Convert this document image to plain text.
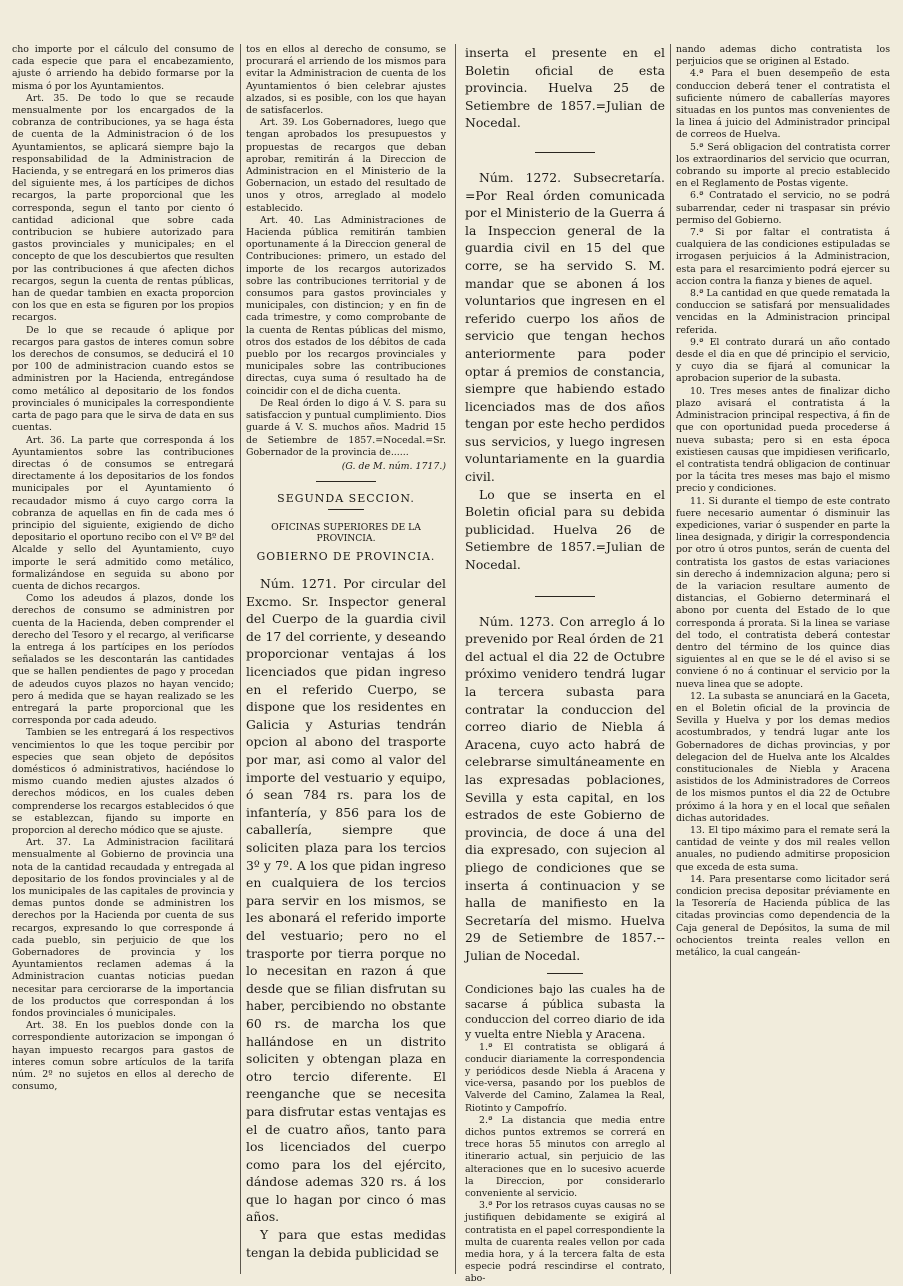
cho importe por el cálculo del consumo de cada especie que para el encabezamiento, ajuste ó arriendo ha debido formarse por la misma ó por los Ayuntamientos.

Art. 35. De todo lo que se recaude mensualmente por los encargados de la cobranza de contribuciones, ya se haga ésta de cuenta de la Administracion ó de los Ayuntamientos, se aplicará siempre bajo la responsabilidad de la Administracion de Hacienda, y se entregará en los primeros dias del siguiente mes, á los partícipes de dichos recargos, la parte proporcional que les corresponda, segun el tanto por ciento ó cantidad adicional que sobre cada contribucion se hubiere autorizado para gastos provinciales y municipales; en el concepto de que los descubiertos que resulten por las contribuciones á que afecten dichos recargos, segun la cuenta de rentas públicas, han de quedar tambien en exacta proporcion con los que en esta se figuren por los propios recargos.

De lo que se recaude ó aplique por recargos para gastos de interes comun sobre los derechos de consumos, se deducirá el 10 por 100 de administracion cuando estos se administren por la Hacienda, entregándose como metálico al depositario de los fondos provinciales ó municipales la correspondiente carta de pago para que le sirva de data en sus cuentas.

Art. 36. La parte que corresponda á los Ayuntamientos sobre las contribuciones directas ó de consumos se entregará directamente á los depositarios de los fondos municipales por el Ayuntamiento ó recaudador mismo á cuyo cargo corra la cobranza de aquellas en fin de cada mes ó principio del siguiente, exigiendo de dicho depositario el oportuno recibo con el Vº Bº del Alcalde y sello del Ayuntamiento, cuyo importe le será admitido como metálico, formalizándose en seguida su abono por cuenta de dichos recargos.

Como los adeudos á plazos, donde los derechos de consumo se administren por cuenta de la Hacienda, deben comprender el derecho del Tesoro y el recargo, al verificarse la entrega á los partícipes en los períodos señalados se les descontarán las cantidades que se hallen pendientes de pago y procedan de adeudos cuyos plazos no hayan vencido; pero á medida que se hayan realizado se les entregará la parte proporcional que les corresponda por cada adeudo.

Tambien se les entregará á los respectivos vencimientos lo que les toque percibir por especies que sean objeto de depósitos domésticos ó administrativos, haciéndose lo mismo cuando medien ajustes alzados ó derechos módicos, en los cuales deben comprenderse los recargos establecidos ó que se establezcan, fijando su importe en proporcion al derecho módico que se ajuste.

Art. 37. La Administracion facilitará mensualmente al Gobierno de provincia una nota de la cantidad recaudada y entregada al depositario de los fondos provinciales y al de los municipales de las capitales de provincia y demas puntos donde se administren los derechos por la Hacienda por cuenta de sus recargos, expresando lo que corresponde á cada pueblo, sin perjuicio de que los Gobernadores de provincia y los Ayuntamientos reclamen ademas á la Administracion cuantas noticias puedan necesitar para cerciorarse de la importancia de los productos que correspondan á los fondos provinciales ó municipales.

Art. 38. En los pueblos donde con la correspondiente autorizacion se impongan ó hayan impuesto recargos para gastos de interes comun sobre artículos de la tarifa núm. 2º no sujetos en ellos al derecho de consumo,

tos en ellos al derecho de consumo, se procurará el arriendo de los mismos para evitar la Administracion de cuenta de los Ayuntamientos ó bien celebrar ajustes alzados, si es posible, con los que hayan de satisfacerlos.

Art. 39. Los Gobernadores, luego que tengan aprobados los presupuestos y propuestas de recargos que deban aprobar, remitirán á la Direccion de Administracion en el Ministerio de la Gobernacion, un estado del resultado de unos y otros, arreglado al modelo establecido.

Art. 40. Las Administraciones de Hacienda pública remitirán tambien oportunamente á la Direccion general de Contribuciones: primero, un estado del importe de los recargos autorizados sobre las contribuciones territorial y de consumos para gastos provinciales y municipales, con distincion; y en fin de cada trimestre, y como comprobante de la cuenta de Rentas públicas del mismo, otros dos estados de los débitos de cada pueblo por los recargos provinciales y municipales sobre las contribuciones directas, cuya suma ó resultado ha de coincidir con el de dicha cuenta.

De Real órden lo digo á V. S. para su satisfaccion y puntual cumplimiento. Dios guarde á V. S. muchos años. Madrid 15 de Setiembre de 1857.=Nocedal.=Sr. Gobernador de la provincia de......

(G. de M. núm. 1717.)
SEGUNDA SECCION.
OFICINAS SUPERIORES DE LA PROVINCIA.
GOBIERNO DE PROVINCIA.

Núm. 1271. Por circular del Excmo. Sr. Inspector general del Cuerpo de la guardia civil de 17 del corriente, y deseando proporcionar ventajas á los licenciados que pidan ingreso en el referido Cuerpo, se dispone que los residentes en Galicia y Asturias tendrán opcion al abono del trasporte por mar, asi como al valor del importe del vestuario y equipo, ó sean 784 rs. para los de infantería, y 856 para los de caballería, siempre que soliciten plaza para los tercios 3º y 7º. A los que pidan ingreso en cualquiera de los tercios para servir en los mismos, se les abonará el referido importe del vestuario; pero no el trasporte por tierra porque no lo necesitan en razon á que desde que se filian disfrutan su haber, percibiendo no obstante 60 rs. de marcha los que hallándose en un distrito soliciten y obtengan plaza en otro tercio diferente. El reenganche que se necesita para disfrutar estas ventajas es el de cuatro años, tanto para los licenciados del cuerpo como para los del ejército, dándose ademas 320 rs. á los que lo hagan por cinco ó mas años.

Y para que estas medidas tengan la debida publicidad se

inserta el presente en el Boletin oficial de esta provincia. Huelva 25 de Setiembre de 1857.=Julian de Nocedal.

Núm. 1272. Subsecretaría. =Por Real órden comunicada por el Ministerio de la Guerra á la Inspeccion general de la guardia civil en 15 del que corre, se ha servido S. M. mandar que se abonen á los voluntarios que ingresen en el referido cuerpo los años de servicio que tengan hechos anteriormente para poder optar á premios de constancia, siempre que habiendo estado licenciados mas de dos años tengan por este hecho perdidos sus servicios, y luego ingresen voluntariamente en la guardia civil.

Lo que se inserta en el Boletin oficial para su debida publicidad. Huelva 26 de Setiembre de 1857.=Julian de Nocedal.

Núm. 1273. Con arreglo á lo prevenido por Real órden de 21 del actual el dia 22 de Octubre próximo venidero tendrá lugar la tercera subasta para contratar la conduccion del correo diario de Niebla á Aracena, cuyo acto habrá de celebrarse simultáneamente en las expresadas poblaciones, Sevilla y esta capital, en los estrados de este Gobierno de provincia, de doce á una del dia expresado, con sujecion al pliego de condiciones que se inserta á continuacion y se halla de manifiesto en la Secretaría del mismo. Huelva 29 de Setiembre de 1857.--Julian de Nocedal.

Condiciones bajo las cuales ha de sacarse á pública subasta la conduccion del correo diario de ida y vuelta entre Niebla y Aracena.

1.ª El contratista se obligará á conducir diariamente la correspondencia y periódicos desde Niebla á Aracena y vice-versa, pasando por los pueblos de Valverde del Camino, Zalamea la Real, Riotinto y Campofrío.

2.ª La distancia que media entre dichos puntos extremos se correrá en trece horas 55 minutos con arreglo al itinerario actual, sin perjuicio de las alteraciones que en lo sucesivo acuerde la Direccion, por considerarlo conveniente al servicio.

3.ª Por los retrasos cuyas causas no se justifiquen debidamente se exigirá al contratista en el papel correspondiente la multa de cuarenta reales vellon por cada media hora, y á la tercera falta de esta especie podrá rescindirse el contrato, abo-

nando ademas dicho contratista los perjuicios que se originen al Estado.

4.ª Para el buen desempeño de esta conduccion deberá tener el contratista el suficiente número de caballerías mayores situadas en los puntos mas convenientes de la linea á juicio del Administrador principal de correos de Huelva.

5.ª Será obligacion del contratista correr los extraordinarios del servicio que ocurran, cobrando su importe al precio establecido en el Reglamento de Postas vigente.

6.ª Contratado el servicio, no se podrá subarrendar, ceder ni traspasar sin prévio permiso del Gobierno.

7.ª Si por faltar el contratista á cualquiera de las condiciones estipuladas se irrogasen perjuicios á la Administracion, esta para el resarcimiento podrá ejercer su accion contra la fianza y bienes de aquel.

8.ª La cantidad en que quede rematada la conduccion se satisfará por mensualidades vencidas en la Administracion principal referida.

9.ª El contrato durará un año contado desde el dia en que dé principio el servicio, y cuyo dia se fijará al comunicar la aprobacion superior de la subasta.

10. Tres meses antes de finalizar dicho plazo avisará el contratista á la Administracion principal respectiva, á fin de que con oportunidad pueda procederse á nueva subasta; pero si en esta época existiesen causas que impidiesen verificarlo, el contratista tendrá obligacion de continuar por la tácita tres meses mas bajo el mismo precio y condiciones.

11. Si durante el tiempo de este contrato fuere necesario aumentar ó disminuir las expediciones, variar ó suspender en parte la linea designada, y dirigir la correspondencia por otro ú otros puntos, serán de cuenta del contratista los gastos de estas variaciones sin derecho á indemnizacion alguna; pero si de la variacion resultare aumento de distancias, el Gobierno determinará el abono por cuenta del Estado de lo que corresponda á prorata. Si la linea se variase del todo, el contratista deberá contestar dentro del término de los quince dias siguientes al en que se le dé el aviso si se conviene ó no á continuar el servicio por la nueva linea que se adopte.

12. La subasta se anunciará en la Gaceta, en el Boletin oficial de la provincia de Sevilla y Huelva y por los demas medios acostumbrados, y tendrá lugar ante los Gobernadores de dichas provincias, y por delegacion del de Huelva ante los Alcaldes constitucionales de Niebla y Aracena asistidos de los Administradores de Correos de los mismos puntos el dia 22 de Octubre próximo á la hora y en el local que señalen dichas autoridades.

13. El tipo máximo para el remate será la cantidad de veinte y dos mil reales vellon anuales, no pudiendo admitirse proposicion que exceda de esta suma.

14. Para presentarse como licitador será condicion precisa depositar préviamente en la Tesorería de Hacienda pública de las citadas provincias como dependencia de la Caja general de Depósitos, la suma de mil ochocientos treinta reales vellon en metálico, la cual cangeán-
